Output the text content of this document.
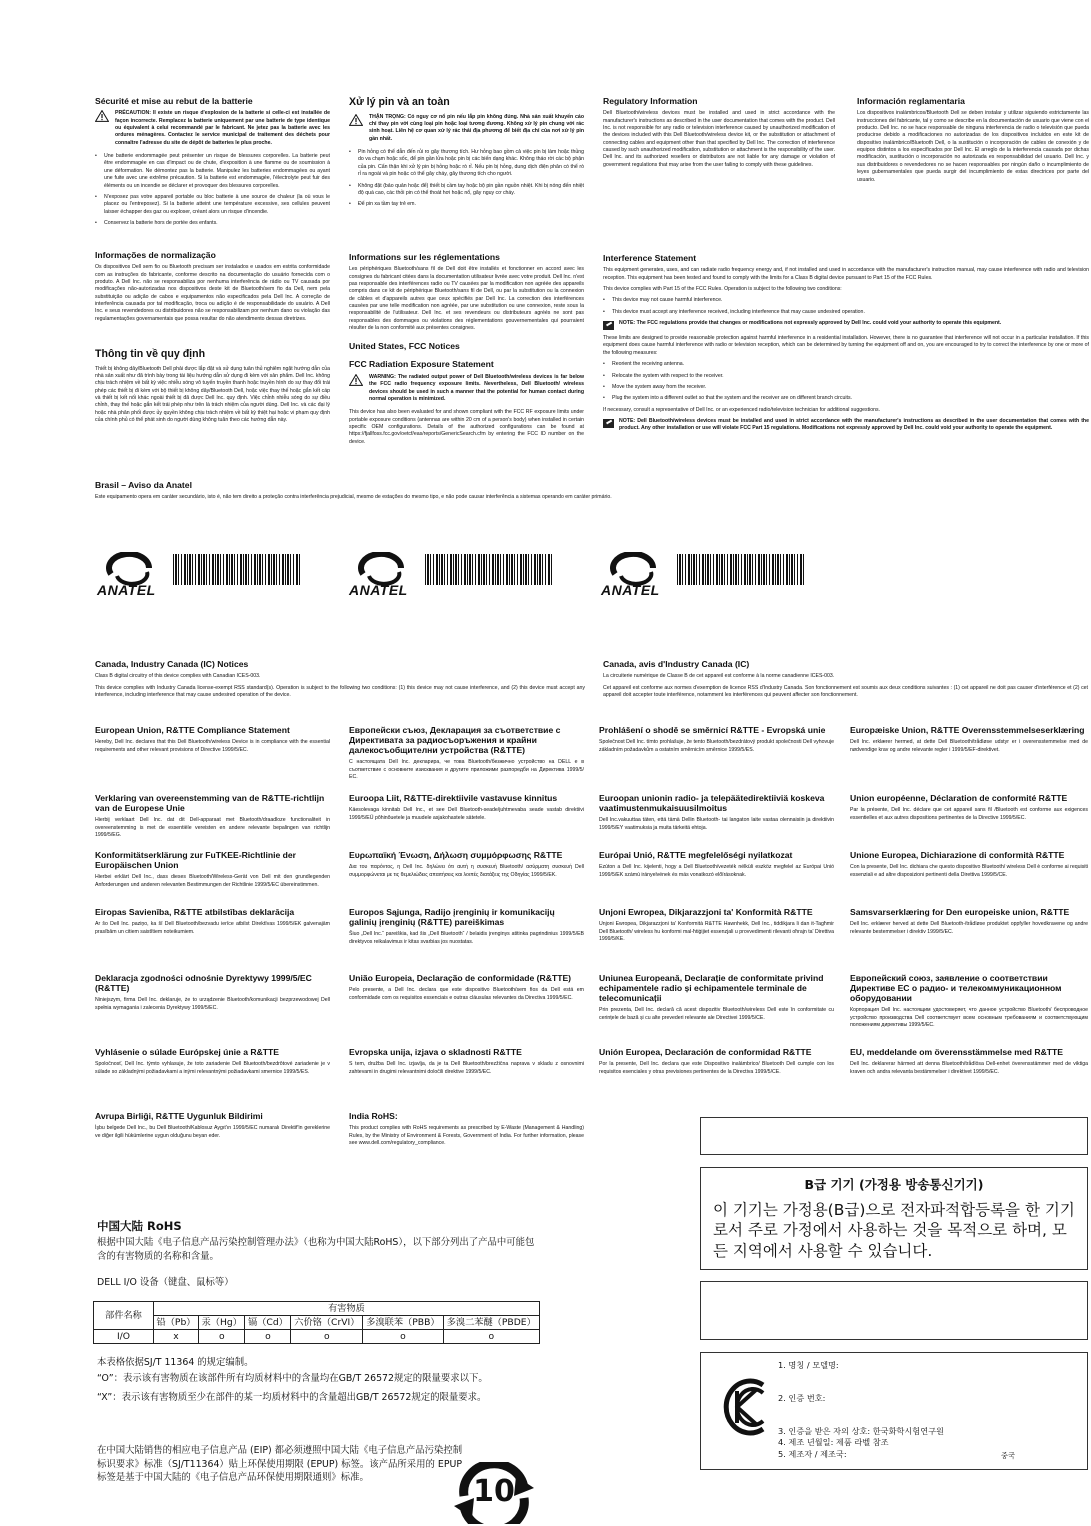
Sécurité et mise au rebut de la batterie
PRÉCAUTION: Il existe un risque d'explosion de la batterie si celle-ci est installée de façon incorrecte. Remplacez la batterie uniquement par une batterie de type identique ou équivalent à celui recommandé par le fabricant. Ne jetez pas la batterie avec les ordures ménagères. Contactez le service municipal de traitement des déchets pour connaître l'adresse du site de dépôt de batteries le plus proche.
• Une batterie endommagée peut présenter un risque de blessures corporelles. La batterie peut être endommagée en cas d'impact ou de chute, d'exposition à une flamme ou de soumission à une déformation. Ne démontez pas la batterie. Manipulez les batteries endommagées ou ayant une fuite avec une extrême précaution. Si la batterie est endommagée, l'électrolyte peut fuir des éléments ou un incendie se déclarer et provoquer des blessures corporelles.
• N'exposez pas votre appareil portable ou bloc batterie à une source de chaleur (la où vous le placez ou l'entreposez). Si la batterie atteint une température excessive, ses cellules peuvent laisser échapper des gaz ou exploser, créant alors un risque d'incendie.
• Conservez la batterie hors de portée des enfants.
Informações de normalização
Os dispositivos Dell sem fio ou Bluetooth precisam ser instalados e usados em estrita conformidade com as instruções do fabricante, conforme descrito na documentação do usuário fornecida com o produto. A Dell Inc. não se responsabiliza por nenhuma interferência de rádio ou TV causada por modificações não-autorizadas nos dispositivos deste kit de Bluetooth/sem fio da Dell, nem pela substituição ou adição de cabos e equipamentos não especificados pela Dell Inc. A correção de interferência causada por tal modificação, troca ou adição é de responsabilidade do usuário. A Dell Inc. e seus revendedores ou distribuidores não se responsabilizam por nenhum dano ou violação das regulamentações governamentais que possa resultar do não atendimento dessas diretrizes.
Thông tin về quy định
Thiết bị không dây/Bluetooth Dell phải được lắp đặt và sử dụng tuân thủ nghiêm ngặt hướng dẫn của nhà sản xuất như đã trình bày trong tài liệu hướng dẫn sử dụng đi kèm với sản phẩm. Dell Inc. không chịu trách nhiệm về bất kỳ việc nhiễu sóng vô tuyến truyền thanh hoặc truyền hình do sự thay đổi trái phép các thiết bị đi kèm với bộ thiết bị không dây/Bluetooth Dell, hoặc việc thay thế hoặc gắn kết cáp và thiết bị kết nối khác ngoài thiết bị đã được Dell Inc. quy định. Việc chỉnh nhiễu sóng do sự điều chỉnh, thay thế hoặc gắn kết trái phép như trên là trách nhiệm của người dùng. Dell Inc. và các đại lý hoặc nhà phân phối được ủy quyền không chịu trách nhiệm về bất kỳ thiệt hại hoặc vi phạm quy định của chính phủ có thể phát sinh do người dùng không tuân theo các hướng dẫn này.
Xử lý pin và an toàn
THẬN TRỌNG: Có nguy cơ nổ pin nếu lắp pin không đúng. Nhà sản xuất khuyến cáo chỉ thay pin với cùng loại pin hoặc loại tương đương. Không xử lý pin chung với rác sinh hoạt. Liên hệ cơ quan xử lý rác thải địa phương để biết địa chỉ của nơi xử lý pin gần nhất.
• Pin hỏng có thể dẫn đến rủi ro gây thương tích. Hư hỏng bao gồm cả việc pin bị làm hoặc thủng do va chạm hoặc sốc, để pin gần lửa hoặc pin bị các biến dạng khác. Không tháo rời các bộ phận của pin. Cẩn thận khi xử lý pin bị hỏng hoặc rò rỉ. Nếu pin bị hỏng, dung dịch điện phân có thể rò rỉ ra ngoài và pin hoặc có thể gây cháy, gây thương tích cho người.
• Không đặt (bảo quản hoặc để) thiết bị cầm tay hoặc bộ pin gần nguồn nhiệt. Khi bị nóng đến nhiệt độ quá cao, các thỏi pin có thể thoát hơi hoặc nổ, gây nguy cơ cháy.
• Để pin xa tầm tay trẻ em.
Informations sur les réglementations
Les périphériques Bluetooth/sans fil de Dell doit être installés et fonctionner en accord avec les consignes du fabricant citées dans la documentation utilisateur livrée avec votre produit. Dell Inc. n'est pas responsable des interférences radio ou TV causées par la modification non agréée des appareils compris dans ce kit de périphérique Bluetooth/sans fil de Dell, ou par la substitution ou la connexion de câbles et d'appareils autres que ceux spécifiés par Dell Inc. La correction des interférences causées par une telle modification non agréée, par une substitution ou une connexion, reste sous la responsabilité de l'utilisateur. Dell Inc. et ses revendeurs ou distributeurs agréés ne sont pas responsables des dommages ou violations des réglementations gouvernementales qui pourraient résulter de la non conformité aux présentes consignes.
United States, FCC Notices
FCC Radiation Exposure Statement
WARNING: The radiated output power of Dell Bluetooth/wireless devices is far below the FCC radio frequency exposure limits. Nevertheless, Dell Bluetooth/ wireless devices should be used in such a manner that the potential for human contact during normal operation is minimized.
This device has also been evaluated for and shown compliant with the FCC RF exposure limits under portable exposure conditions (antennas are within 20 cm of a person's body) when installed in certain specific OEM configurations. Details of the authorized configurations can be found at https://fjallfoss.fcc.gov/oetcf/eas/reports/GenericSearch.cfm by entering the FCC ID number on the device.
Regulatory Information
Dell Bluetooth/wireless devices must be installed and used in strict accordance with the manufacturer's instructions as described in the user documentation that comes with the product. Dell Inc. is not responsible for any radio or television interference caused by unauthorized modification of the devices included with this Dell Bluetooth/wireless device kit, or the substitution or attachment of connecting cables and equipment other than that specified by Dell Inc. The correction of interference caused by such unauthorized modification, substitution or attachment is the responsibility of the user. Dell Inc. and its authorized resellers or distributors are not liable for any damage or violation of government regulations that may arise from the user failing to comply with these guidelines.
Información reglamentaria
Los dispositivos inalámbricos/Bluetooth Dell se deben instalar y utilizar siguiendo estrictamente las instrucciones del fabricante, tal y como se describe en la documentación de usuario que viene con el producto. Dell Inc. no se hace responsable de ninguna interferencia de radio o televisión que pueda producirse debido a modificaciones no autorizadas de los dispositivos incluidos en este kit de dispositivo inalámbrico/Bluetooth Dell, o la sustitución o incorporación de cables de conexión y de equipos distintos a los especificados por Dell Inc. El arreglo de la interferencia causada por dichas modificación, sustitución o incorporación no autorizada es responsabilidad del usuario. Dell Inc. y sus distribuidores o revendedores no se hacen responsables por ningún daño o incumplimiento de leyes gubernamentales que pueda surgir del incumplimiento de estas directrices por parte del usuario.
Interference Statement
This equipment generates, uses, and can radiate radio frequency energy and, if not installed and used in accordance with the manufacturer's instruction manual, may cause interference with radio and television reception. This equipment has been tested and found to comply with the limits for a Class B digital device pursuant to Part 15 of the FCC Rules.
This device complies with Part 15 of the FCC Rules. Operation is subject to the following two conditions:
• This device may not cause harmful interference.
• This device must accept any interference received, including interference that may cause undesired operation.
NOTE: The FCC regulations provide that changes or modifications not expressly approved by Dell Inc. could void your authority to operate this equipment.
These limits are designed to provide reasonable protection against harmful interference in a residential installation. However, there is no guarantee that interference will not occur in a particular installation. If this equipment does cause harmful interference with radio or television reception, which can be determined by turning the equipment off and on, you are encouraged to try to correct the interference by one or more of the following measures:
• Reorient the receiving antenna.
• Relocate the system with respect to the receiver.
• Move the system away from the receiver.
• Plug the system into a different outlet so that the system and the receiver are on different branch circuits.
If necessary, consult a representative of Dell Inc. or an experienced radio/television technician for additional suggestions.
NOTE: Dell Bluetooth/wireless devices must be installed and used in strict accordance with the manufacturer's instructions as described in the user documentation that comes with the product. Any other installation or use will violate FCC Part 15 regulations. Modifications not expressly approved by Dell Inc. could void your authority to operate the equipment.
Brasil – Aviso da Anatel
Este equipamento opera em caráter secundário, isto é, não tem direito a proteção contra interferência prejudicial, mesmo de estações do mesmo tipo, e não pode causar interferência a sistemas operando em caráter primário.
ANATEL	ANATEL	ANATEL
Canada, Industry Canada (IC) Notices
Class B digital circuitry of this device complies with Canadian ICES-003.
This device complies with Industry Canada license-exempt RSS standard(s). Operation is subject to the following two conditions: (1) this device may not cause interference, and (2) this device must accept any interference, including interference that may cause undesired operation of the device.
Canada, avis d'Industry Canada (IC)
La circuiterie numérique de Classe B de cet appareil est conforme à la norme canadienne ICES-003.
Cet appareil est conforme aux normes d'exemption de licence RSS d'Industry Canada. Son fonctionnement est soumis aux deux conditions suivantes : (1) cet appareil ne doit pas causer d'interférence et (2) cet appareil doit accepter toute interférence, notamment les interférences qui peuvent affecter son fonctionnement.
European Union, R&TTE Compliance Statement
Hereby, Dell Inc. declares that this Dell Bluetooth/wireless Device is in compliance with the essential requirements and other relevant provisions of Directive 1999/5/EC.
Европейски съюз, Декларация за съответствие с Директивата за радиосъоръжения и крайни далекосъобщителни устройства (R&TTE)
С настоящата Dell Inc. декларира, че това Bluetooth/безжично устройство на DELL е в съответствие с основните изисквания и другите приложими разпоредби на Директива 1999/5/ЕС.
Prohlášení o shodě se směrnicí R&TTE - Evropská unie
Společnost Dell Inc. tímto prohlašuje, že tento Bluetooth/bezdrátový produkt společnosti Dell vyhovuje základním požadavkům a ostatním směrnicím směrnice 1999/5/ES.
Europæiske Union, R&TTE Overensstemmelseserklæring
Dell Inc. erklærer hermed, at dette Dell Bluetooth/trådløse udstyr er i overensstemmelse med de nødvendige krav og andre relevante regler i 1999/5/EF-direktivet.
Verklaring van overeenstemming van de R&TTE-richtlijn van de Europese Unie
Hierbij verklaart Dell Inc. dat dit Dell-apparaat met Bluetooth/draadloze functionaliteit in overeenstemming is met de essentiële vereisten en andere relevante bepalingen van richtlijn 1999/5/EG.
Euroopa Liit, R&TTE-direktiivile vastavuse kinnitus
Käesolevaga kinnitab Dell Inc., et see Dell Bluetooth-seade/juhtmevaba seade vastab direktiivi 1999/5/EÜ põhinõuetele ja muudele asjakohastele sätetele.
Euroopan unionin radio- ja telepäätedirektiiviä koskeva vaatimustenmukaisuusilmoitus
Dell Inc.vakuuttaa täten, että tämä Dellin Bluetooth- tai langaton laite vastaa olennaisiin ja direktiivin 1999/5/EY vaatimuksia ja muita tärkeitä ehtoja.
Union européenne, Déclaration de conformité R&TTE
Par la présente, Dell Inc. déclare que cet appareil sans fil /Bluetooth est conforme aux exigences essentielles et aux autres dispositions pertinentes de la Directive 1999/5/EC.
Konformitätserklärung zur FuTKEE-Richtlinie der Europäischen Union
Hierbei erklärt Dell Inc., dass dieses Bluetooth/Wireless-Gerät von Dell mit den grundlegenden Anforderungen und anderen relevanten Bestimmungen der Richtlinie 1999/5/EC übereinstimmen.
Ευρωπαϊκή Ένωση, Δήλωση συμμόρφωσης R&TTE
Δια του παρόντος, η Dell Inc. δηλώνει ότι αυτή η συσκευή Bluetooth/ ασύρματη συσκευή Dell συμμορφώνεται με τις θεμελιώδεις απαιτήσεις και λοιπές διατάξεις της Οδηγίας 1999/5/ΕΚ.
Európai Unió, R&TTE megfelelőségi nyilatkozat
Ezúton a Dell Inc. kijelenti, hogy a Dell Bluetooth/vezeték nélküli eszköz megfelel az Európai Unió 1999/5/EK számú irányelvének és más vonatkozó előírásoknak.
Unione Europea, Dichiarazione di conformità R&TTE
Con la presente, Dell Inc. dichiara che questo dispositivo Bluetooth/ wireless Dell è conforme ai requisiti essenziali e ad altre disposizioni pertinenti della Direttiva 1999/5/CE.
Eiropas Savienība, R&TTE atbilstības deklarācija
Ar šo Dell Inc. paziņo, ka šī Dell Bluetooth/bezvadu ierīce atbilst Direktīvas 1999/5/EK galvenajām prasībām un citiem saistītiem noteikumiem.
Europos Sąjunga, Radijo įrenginių ir komunikacijų galinių įrenginių (R&TTE) pareiškimas
Šiuo „Dell Inc.“ pareiškia, kad šis „Dell Bluetooth“ / belaidis įrenginys atitinka pagrindinius 1999/5/EB direktyvos reikalavimus ir kitas svarbias jos nuostatas.
Unjoni Ewropea, Dikjarazzjoni ta' Konformità R&TTE
Unjoni Ewropea, Dikjarazzjoni ta' Konformità R&TTE Hawnhekk, Dell Inc., tiddikjara li dan it-Tagħmir Dell Bluetooth/ wireless hu konformi mal-ħtiġijiet essenzjali u provvedimenti rilevanti oħrajn ta' Direttiva 1999/5/KE.
Samsvarserklæring for Den europeiske union, R&TTE
Dell Inc. erklærer herved at dette Dell Bluetooth-/trådløse produktet oppfyller hovedkravene og andre relevante bestemmelser i direktiv 1999/5/EC.
Deklaracja zgodności odnośnie Dyrektywy 1999/5/EC (R&TTE)
Niniejszym, firma Dell Inc. deklaruje, że to urządzenie Bluetooth/komunikacji bezprzewodowej Dell spełnia wymagania i zalecenia Dyrektywy 1999/5/EC.
União Europeia, Declaração de conformidade (R&TTE)
Pelo presente, a Dell Inc. declara que este dispositivo Bluetooth/sem fios da Dell está em conformidade com os requisitos essenciais e outras cláusulas relevantes da Directiva 1999/5/EC.
Uniunea Europeană, Declarație de conformitate privind echipamentele radio și echipamentele terminale de telecomunicații
Prin prezenta, Dell Inc. declară că acest dispozitiv Bluetooth/wireless Dell este în conformitate cu cerințele de bază și cu alte prevederi relevante ale Directivei 1999/5/CE.
Европейский союз, заявление о соответствии Директиве ЕС о радио- и телекоммуникационном оборудовании
Корпорация Dell Inc. настоящим удостоверяет, что данное устройство Bluetooth/ беспроводное устройство производства Dell соответствует всем основным требованиям и соответствующим положениям директивы 1999/5/EC.
Vyhlásenie o súlade Európskej únie a R&TTE
Spoločnosť, Dell Inc. týmto vyhlasuje, že toto zariadenie Dell Bluetooth/bezdrôtové zariadenie je v súlade so základnými požiadavkami a inými relevantnými požiadavkami smernice 1999/5/ES.
Evropska unija, izjava o skladnosti R&TTE
S tem, družba Dell Inc. izjavlja, da je ta Dell Bluetooth/brezžična naprava v skladu z osnovnimi zahtevami in drugimi relevantnimi določili direktive 1999/5/EC.
Unión Europea, Declaración de conformidad R&TTE
Por la presente, Dell Inc. declara que este Dispositivo inalámbrico/ Bluetooth Dell cumple con los requisitos esenciales y otras previsiones pertinentes de la Directiva 1999/5/CE.
EU, meddelande om överensstämmelse med R&TTE
Dell Inc. deklarerar härmed att denna Bluetooth/trådlösa Dell-enhet överensstämmer med de viktiga kraven och andra relevanta bestämmelser i direktivet 1999/5/EC.
Avrupa Birliği, R&TTE Uygunluk Bildirimi
İşbu belgede Dell Inc., bu Dell Bluetooth/Kablosuz Aygıt'ın 1999/5/EC numaralı Direktif'in gereklerine ve diğer ilgili hükümlerine uygun olduğunu beyan eder.
India RoHS:
This product complies with RoHS requirements as prescribed by E-Waste (Management & Handling) Rules, by the Ministry of Environment & Forests, Government of India. For further information, please see www.dell.com/regulatory_compliance.
中国大陆 RoHS
根据中国大陆《电子信息产品污染控制管理办法》（也称为中国大陆RoHS），以下部分列出了产品中可能包含的有害物质的名称和含量。
DELL I/O 设备（键盘、鼠标等）
部件名称	有害物质					
	铅（Pb）	汞（Hg）	镉（Cd）	六价铬（CrVI）	多溴联苯（PBB）	多溴二苯醚（PBDE）
I/O	x	o	o	o	o	o
本表格依据SJ/T 11364 的规定编制。
“O”：表示该有害物质在该部件所有均质材料中的含量均在GB/T 26572规定的限量要求以下。
“X”：表示该有害物质至少在部件的某一均质材料中的含量超出GB/T 26572规定的限量要求。
在中国大陆销售的相应电子信息产品 (EIP) 都必须遵照中国大陆《电子信息产品污染控制标识要求》标准（SJ/T11364）贴上环保使用期限 (EPUP) 标签。该产品所采用的 EPUP 标签是基于中国大陆的《电子信息产品环保使用期限通则》标准。	10
B급 기기 (가정용 방송통신기기)
이 기기는 가정용(B급)으로 전자파적합등록을 한 기기로서 주로 가정에서 사용하는 것을 목적으로 하며, 모든 지역에서 사용할 수 있습니다.
1. 명칭 / 모델명:
2. 인증 번호:
3. 인증을 받은 자의 상호: 한국화학시험연구원
4. 제조 년월일: 제품 라벨 참조
5. 제조자 / 제조국:	중국
